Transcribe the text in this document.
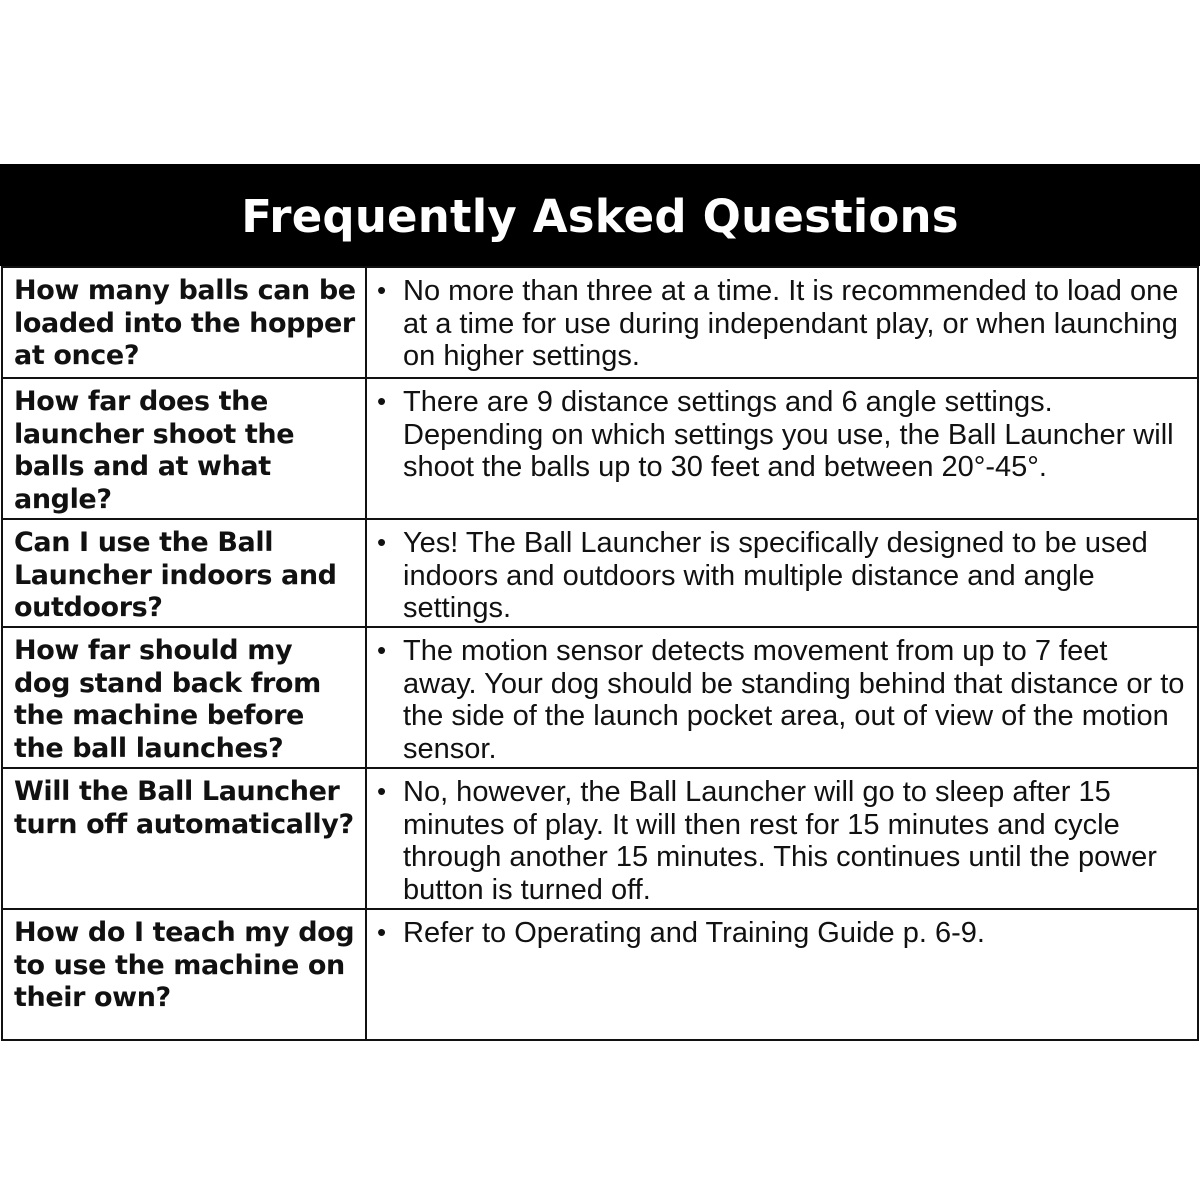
Frequently Asked Questions
How many balls can be loaded into the hopper at once?	• No more than three at a time. It is recommended to load one at a time for use during independant play, or when launching on higher settings.

How far does the launcher shoot the balls and at what angle?	• There are 9 distance settings and 6 angle settings. Depending on which settings you use, the Ball Launcher will shoot the balls up to 30 feet and between 20°-45°.

Can I use the Ball Launcher indoors and outdoors?	• Yes! The Ball Launcher is specifically designed to be used indoors and outdoors with multiple distance and angle settings.

How far should my dog stand back from the machine before the ball launches?	• The motion sensor detects movement from up to 7 feet away. Your dog should be standing behind that distance or to the side of the launch pocket area, out of view of the motion sensor.

Will the Ball Launcher turn off automatically?	• No, however, the Ball Launcher will go to sleep after 15 minutes of play. It will then rest for 15 minutes and cycle through another 15 minutes. This continues until the power button is turned off.

How do I teach my dog to use the machine on their own?	• Refer to Operating and Training Guide p. 6-9.
